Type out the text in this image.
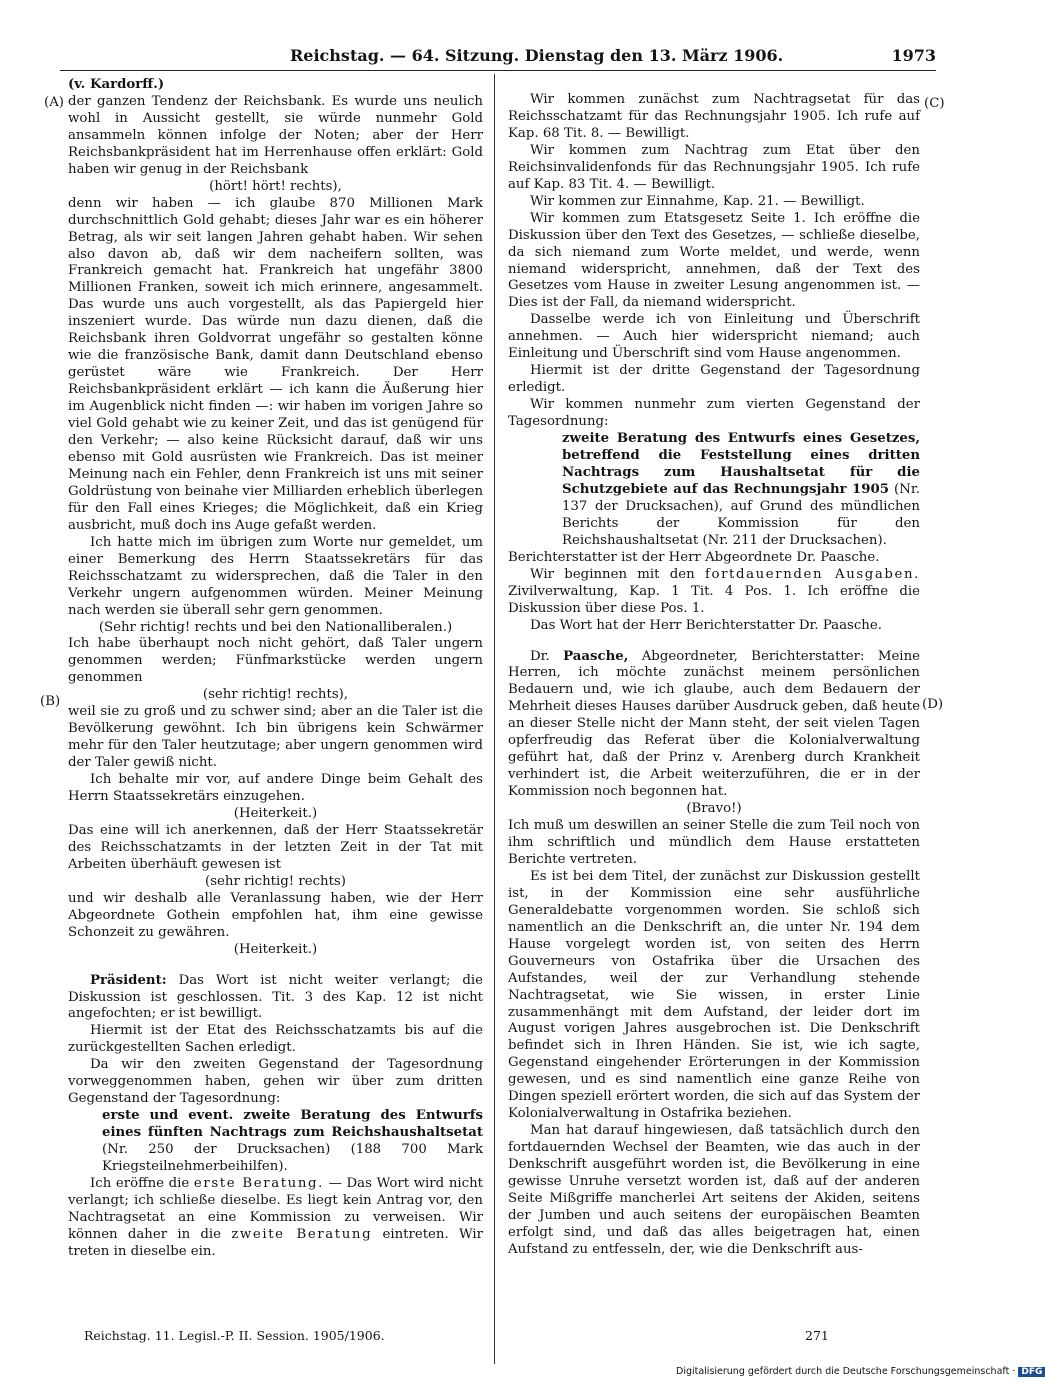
Reichstag. — 64. Sitzung. Dienstag den 13. März 1906.	1973
(A)
(B)
(C)
(D)

(v. Kardorff.)

der ganzen Tendenz der Reichsbank. Es wurde uns neulich wohl in Aussicht gestellt, sie würde nunmehr Gold ansammeln können infolge der Noten; aber der Herr Reichsbankpräsident hat im Herrenhause offen erklärt: Gold haben wir genug in der Reichsbank

(hört! hört! rechts),

denn wir haben — ich glaube 870 Millionen Mark durchschnittlich Gold gehabt; dieses Jahr war es ein höherer Betrag, als wir seit langen Jahren gehabt haben. Wir sehen also davon ab, daß wir dem nacheifern sollten, was Frankreich gemacht hat. Frankreich hat ungefähr 3800 Millionen Franken, soweit ich mich erinnere, angesammelt. Das wurde uns auch vorgestellt, als das Papiergeld hier inszeniert wurde. Das würde nun dazu dienen, daß die Reichsbank ihren Goldvorrat ungefähr so gestalten könne wie die französische Bank, damit dann Deutschland ebenso gerüstet wäre wie Frankreich. Der Herr Reichsbankpräsident erklärt — ich kann die Äußerung hier im Augenblick nicht finden —: wir haben im vorigen Jahre so viel Gold gehabt wie zu keiner Zeit, und das ist genügend für den Verkehr; — also keine Rücksicht darauf, daß wir uns ebenso mit Gold ausrüsten wie Frankreich. Das ist meiner Meinung nach ein Fehler, denn Frankreich ist uns mit seiner Goldrüstung von beinahe vier Milliarden erheblich überlegen für den Fall eines Krieges; die Möglichkeit, daß ein Krieg ausbricht, muß doch ins Auge gefaßt werden.

Ich hatte mich im übrigen zum Worte nur gemeldet, um einer Bemerkung des Herrn Staatssekretärs für das Reichsschatzamt zu widersprechen, daß die Taler in den Verkehr ungern aufgenommen würden. Meiner Meinung nach werden sie überall sehr gern genommen.

(Sehr richtig! rechts und bei den Nationalliberalen.)

Ich habe überhaupt noch nicht gehört, daß Taler ungern genommen werden; Fünfmarkstücke werden ungern genommen

(sehr richtig! rechts),

weil sie zu groß und zu schwer sind; aber an die Taler ist die Bevölkerung gewöhnt. Ich bin übrigens kein Schwärmer mehr für den Taler heutzutage; aber ungern genommen wird der Taler gewiß nicht.

Ich behalte mir vor, auf andere Dinge beim Gehalt des Herrn Staatssekretärs einzugehen.

(Heiterkeit.)

Das eine will ich anerkennen, daß der Herr Staatssekretär des Reichsschatzamts in der letzten Zeit in der Tat mit Arbeiten überhäuft gewesen ist

(sehr richtig! rechts)

und wir deshalb alle Veranlassung haben, wie der Herr Abgeordnete Gothein empfohlen hat, ihm eine gewisse Schonzeit zu gewähren.

(Heiterkeit.)

Präsident: Das Wort ist nicht weiter verlangt; die Diskussion ist geschlossen. Tit. 3 des Kap. 12 ist nicht angefochten; er ist bewilligt.

Hiermit ist der Etat des Reichsschatzamts bis auf die zurückgestellten Sachen erledigt.

Da wir den zweiten Gegenstand der Tagesordnung vorweggenommen haben, gehen wir über zum dritten Gegenstand der Tagesordnung:

erste und event. zweite Beratung des Entwurfs eines fünften Nachtrags zum Reichshaushaltsetat (Nr. 250 der Drucksachen) (188 700 Mark Kriegsteilnehmerbeihilfen).

Ich eröffne die erste Beratung. — Das Wort wird nicht verlangt; ich schließe dieselbe. Es liegt kein Antrag vor, den Nachtragsetat an eine Kommission zu verweisen. Wir können daher in die zweite Beratung eintreten. Wir treten in dieselbe ein.

Wir kommen zunächst zum Nachtragsetat für das Reichsschatzamt für das Rechnungsjahr 1905. Ich rufe auf Kap. 68 Tit. 8. — Bewilligt.

Wir kommen zum Nachtrag zum Etat über den Reichsinvalidenfonds für das Rechnungsjahr 1905. Ich rufe auf Kap. 83 Tit. 4. — Bewilligt.

Wir kommen zur Einnahme, Kap. 21. — Bewilligt.

Wir kommen zum Etatsgesetz Seite 1. Ich eröffne die Diskussion über den Text des Gesetzes, — schließe dieselbe, da sich niemand zum Worte meldet, und werde, wenn niemand widerspricht, annehmen, daß der Text des Gesetzes vom Hause in zweiter Lesung angenommen ist. — Dies ist der Fall, da niemand widerspricht.

Dasselbe werde ich von Einleitung und Überschrift annehmen. — Auch hier widerspricht niemand; auch Einleitung und Überschrift sind vom Hause angenommen.

Hiermit ist der dritte Gegenstand der Tagesordnung erledigt.

Wir kommen nunmehr zum vierten Gegenstand der Tagesordnung:

zweite Beratung des Entwurfs eines Gesetzes, betreffend die Feststellung eines dritten Nachtrags zum Haushaltsetat für die Schutzgebiete auf das Rechnungsjahr 1905 (Nr. 137 der Drucksachen), auf Grund des mündlichen Berichts der Kommission für den Reichshaushaltsetat (Nr. 211 der Drucksachen).

Berichterstatter ist der Herr Abgeordnete Dr. Paasche.

Wir beginnen mit den fortdauernden Ausgaben. Zivilverwaltung, Kap. 1 Tit. 4 Pos. 1. Ich eröffne die Diskussion über diese Pos. 1.

Das Wort hat der Herr Berichterstatter Dr. Paasche.

Dr. Paasche, Abgeordneter, Berichterstatter: Meine Herren, ich möchte zunächst meinem persönlichen Bedauern und, wie ich glaube, auch dem Bedauern der Mehrheit dieses Hauses darüber Ausdruck geben, daß heute an dieser Stelle nicht der Mann steht, der seit vielen Tagen opferfreudig das Referat über die Kolonialverwaltung geführt hat, daß der Prinz v. Arenberg durch Krankheit verhindert ist, die Arbeit weiterzuführen, die er in der Kommission noch begonnen hat.

(Bravo!)

Ich muß um deswillen an seiner Stelle die zum Teil noch von ihm schriftlich und mündlich dem Hause erstatteten Berichte vertreten.

Es ist bei dem Titel, der zunächst zur Diskussion gestellt ist, in der Kommission eine sehr ausführliche Generaldebatte vorgenommen worden. Sie schloß sich namentlich an die Denkschrift an, die unter Nr. 194 dem Hause vorgelegt worden ist, von seiten des Herrn Gouverneurs von Ostafrika über die Ursachen des Aufstandes, weil der zur Verhandlung stehende Nachtragsetat, wie Sie wissen, in erster Linie zusammenhängt mit dem Aufstand, der leider dort im August vorigen Jahres ausgebrochen ist. Die Denkschrift befindet sich in Ihren Händen. Sie ist, wie ich sagte, Gegenstand eingehender Erörterungen in der Kommission gewesen, und es sind namentlich eine ganze Reihe von Dingen speziell erörtert worden, die sich auf das System der Kolonialverwaltung in Ostafrika beziehen.

Man hat darauf hingewiesen, daß tatsächlich durch den fortdauernden Wechsel der Beamten, wie das auch in der Denkschrift ausgeführt worden ist, die Bevölkerung in eine gewisse Unruhe versetzt worden ist, daß auf der anderen Seite Mißgriffe mancherlei Art seitens der Akiden, seitens der Jumben und auch seitens der europäischen Beamten erfolgt sind, und daß das alles beigetragen hat, einen Aufstand zu entfesseln, der, wie die Denkschrift aus-

Reichstag. 11. Legisl.-P. II. Session. 1905/1906.	271
Digitalisierung gefördert durch die Deutsche Forschungsgemeinschaft · DFG
